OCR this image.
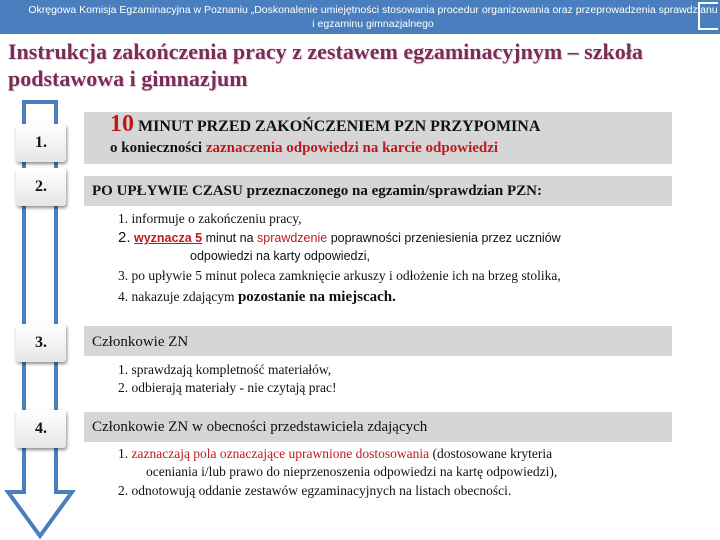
Okręgowa Komisja Egzaminacyjna w Poznaniu „Doskonalenie umiejętności stosowania procedur organizowania oraz przeprowadzenia sprawdzianu i egzaminu gimnazjalnego
Instrukcja zakończenia pracy z zestawem egzaminacyjnym – szkoła podstawowa i gimnazjum
1.
10 MINUT PRZED ZAKOŃCZENIEM PZN PRZYPOMINA
o konieczności zaznaczenia odpowiedzi na karcie odpowiedzi
2.	PO UPŁYWIE CZASU przeznaczonego na egzamin/sprawdzian PZN:
1. informuje o zakończeniu pracy,
2. wyznacza 5 minut na sprawdzenie poprawności przeniesienia przez uczniów
odpowiedzi na karty odpowiedzi,
3. po upływie 5 minut poleca zamknięcie arkuszy i odłożenie ich na brzeg stolika,
4. nakazuje zdającym pozostanie na miejscach.
3.	Członkowie ZN
1. sprawdzają kompletność materiałów,
2. odbierają materiały - nie czytają prac!
4.	Członkowie ZN w obecności przedstawiciela zdających
1. zaznaczają pola oznaczające uprawnione dostosowania (dostosowane kryteria
oceniania i/lub prawo do nieprzenoszenia odpowiedzi na kartę odpowiedzi),
2. odnotowują oddanie zestawów egzaminacyjnych na listach obecności.
